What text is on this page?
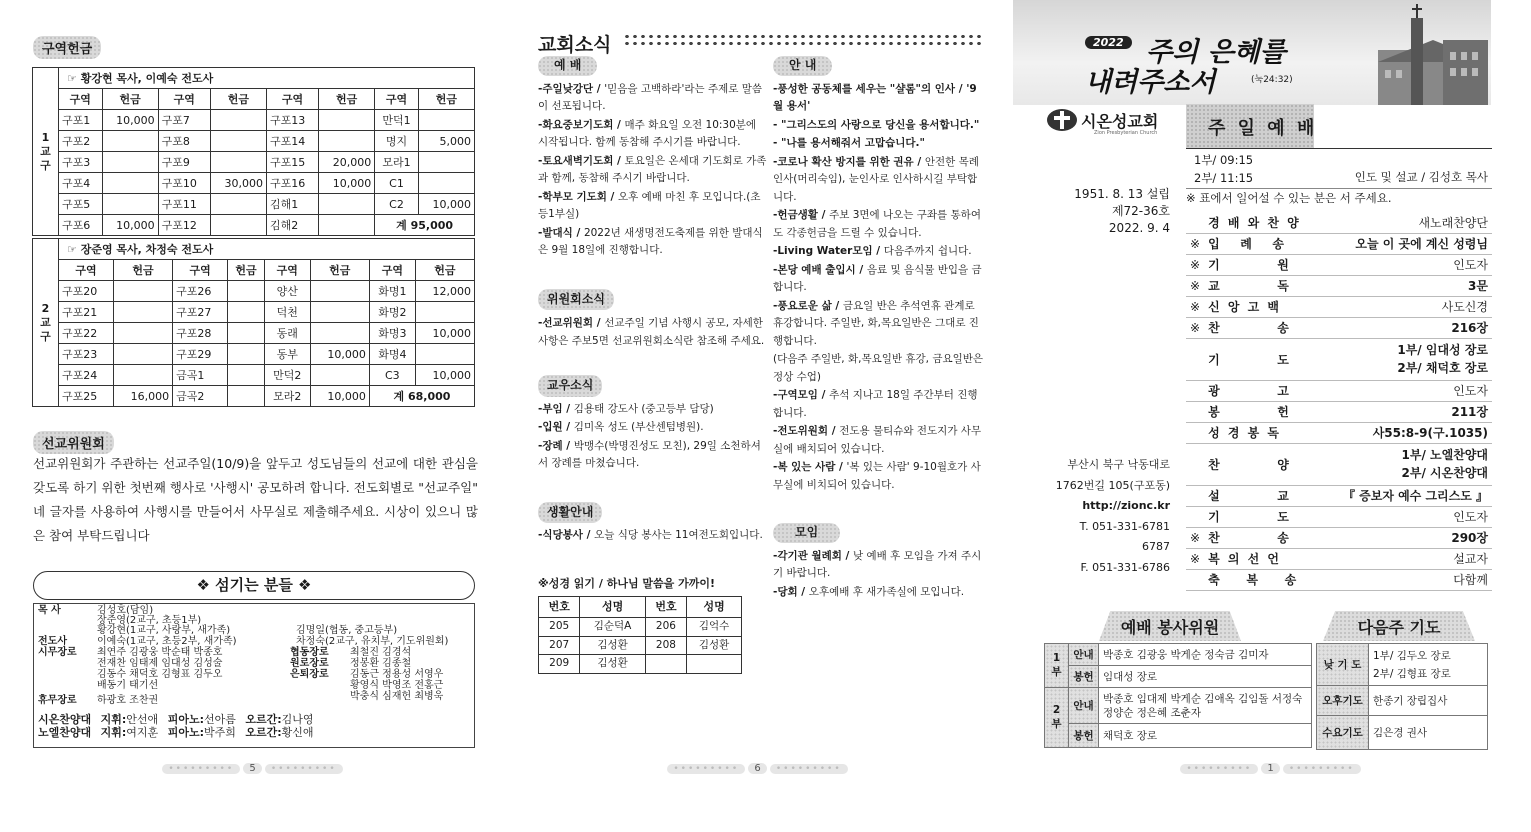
구역헌금
1
교
구	☞ 황강현 목사, 이예숙 전도사							
	구역	헌금	구역	헌금	구역	헌금	구역	헌금
	구포1	10,000	구포7		구포13		만덕1	
	구포2		구포8		구포14		명지	5,000
	구포3		구포9		구포15	20,000	모라1	
	구포4		구포10	30,000	구포16	10,000	C1	
	구포5		구포11		김해1		C2	10,000
	구포6	10,000	구포12		김해2		계 95,000	
2
교
구	☞ 장준영 목사, 차정숙 전도사							
	구역	헌금	구역	헌금	구역	헌금	구역	헌금
	구포20		구포26		양산		화명1	12,000
	구포21		구포27		덕천		화명2	
	구포22		구포28		동래		화명3	10,000
	구포23		구포29		동부	10,000	화명4	
	구포24		금곡1		만덕2		C3	10,000
	구포25	16,000	금곡2		모라2	10,000	계 68,000	
선교위원회
선교위원회가 주관하는 선교주일(10/9)을 앞두고 성도님들의 선교에 대한 관심을 갖도록 하기 위한 첫번째 행사로 '사행시' 공모하려 합니다. 전도회별로 "선교주일" 네 글자를 사용하여 사행시를 만들어서 사무실로 제출해주세요. 시상이 있으니 많은 참여 부탁드립니다
❖ 섬기는 분들 ❖
목 사	김성호(담임)
장준영(2교구, 초등1부)
황강현(1교구, 사랑부, 새가족)	김명일(협동, 중고등부)
전도사	이예숙(1교구, 초등2부, 새가족)	차정숙(2교구, 유치부, 기도위원회)
시무장로 최연주 김광웅 박순태 박종호
전재찬 임태제 임대성 김성술
김동수 채덕호 김형표 김두오
배동기 태기선
협동장로 최철진 김경석
원로장로 정봉환 김종철
은퇴장로 김동근 정용성 서영우
황영식 박영조 전홍근
박충식 심재헌 최병욱
휴무장로 하광호 조찬권
시온찬양대 지휘:안선애 피아노:선아름 오르간:김나영
노엘찬양대 지휘:여지훈 피아노:박주희 오르간:황신애
••••••••• 5 •••••••••
교회소식
예 배
-주일낮강단 / '믿음을 고백하라'라는 주제로 말씀이 선포됩니다.
-화요중보기도회 / 매주 화요일 오전 10:30분에 시작됩니다. 함께 동참해 주시기를 바랍니다.
-토요새벽기도회 / 토요일은 온세대 기도회로 가족과 함께, 동참해 주시기 바랍니다.
-학부모 기도회 / 오후 예배 마친 후 모입니다.(초등1부실)
-발대식 / 2022년 새생명전도축제를 위한 발대식은 9월 18일에 진행합니다.
위원회소식
-선교위원회 / 선교주일 기념 사행시 공모, 자세한 사항은 주보5면 선교위원회소식란 참조해 주세요.
교우소식
-부임 / 김용태 강도사 (중고등부 담당)
-입원 / 김미옥 성도 (부산센텀병원).
-장례 / 박맹수(박명진성도 모친), 29일 소천하셔서 장례를 마쳤습니다.
생활안내
-식당봉사 / 오늘 식당 봉사는 11여전도회입니다.
※성경 읽기 / 하나님 말씀을 가까이!
번호	성명	번호	성명
205	김순덕A	206	김억수
207	김성환	208	김성환
209	김성환		
안 내
-풍성한 공동체를 세우는 "샬롬"의 인사 / '9월 용서'
- "그리스도의 사랑으로 당신을 용서합니다."
- "나를 용서해줘서 고맙습니다."
-코로나 확산 방지를 위한 권유 / 안전한 목례인사(머리숙임), 눈인사로 인사하시길 부탁합니다.
-헌금생활 / 주보 3면에 나오는 구좌를 통하여도 각종헌금을 드릴 수 있습니다.
-Living Water모임 / 다음주까지 쉽니다.
-본당 예배 출입시 / 음료 및 음식물 반입을 금합니다.
-풍요로운 삶 / 금요일 반은 추석연휴 관계로 휴강합니다. 주일반, 화,목요일반은 그대로 진행합니다.
(다음주 주일반, 화,목요일반 휴강, 금요일반은 정상 수업)
-구역모임 / 추석 지나고 18일 주간부터 진행합니다.
-전도위원회 / 전도용 물티슈와 전도지가 사무실에 배치되어 있습니다.
-복 있는 사람 / '복 있는 사람' 9-10월호가 사무실에 비치되어 있습니다.
모임
-각기관 월례회 / 낮 예배 후 모임을 가져 주시기 바랍니다.
-당회 / 오후예배 후 새가족실에 모입니다.
••••••••• 6 •••••••••
2022 주의 은혜를
내려주소서	(눅24:32)
시온성교회
Zion Presbyterian Church
1951. 8. 13 설립
제72-36호
2022. 9. 4
부산시 북구 낙동대로
1762번길 105(구포동)
http://zionc.kr
T. 051-331-6781
6787
F. 051-331-6786
주 일 예 배
1부/ 09:15
2부/ 11:15	인도 및 설교 / 김성호 목사
※ 표에서 일어설 수 있는 분은 서 주세요.
	경 배 와 찬 양	새노래찬양단
※	입   례   송	오늘 이 곳에 계신 성령님
※	기         원	인도자
※	교         독	3문
※	신 앙 고 백	사도신경
※	찬         송	216장
	기         도	1부/ 임대성 장로
2부/ 채덕호 장로
	광         고	인도자
	봉         헌	211장
	성 경 봉 독	사55:8-9(구.1035)
	찬         양	1부/ 노엘찬양대
2부/ 시온찬양대
	설         교	『 증보자 예수 그리스도 』
	기         도	인도자
※	찬         송	290장
※	복 의 선 언	설교자
	축    복    송	다함께
예배 봉사위원
1부	안내	박종호 김광웅 박게순 정숙금 김미자
	봉헌	임대성 장로
2부	안내	박종호 임대제 박게순 김애옥 김임돌 서정숙 정양순 정은혜 조춘자
	봉헌	채덕호 장로
다음주 기도
낮 기 도	1부/ 김두오 장로
2부/ 김형표 장로
오후기도	한종기 장립집사
수요기도	김은경 권사
••••••••• 1 •••••••••
